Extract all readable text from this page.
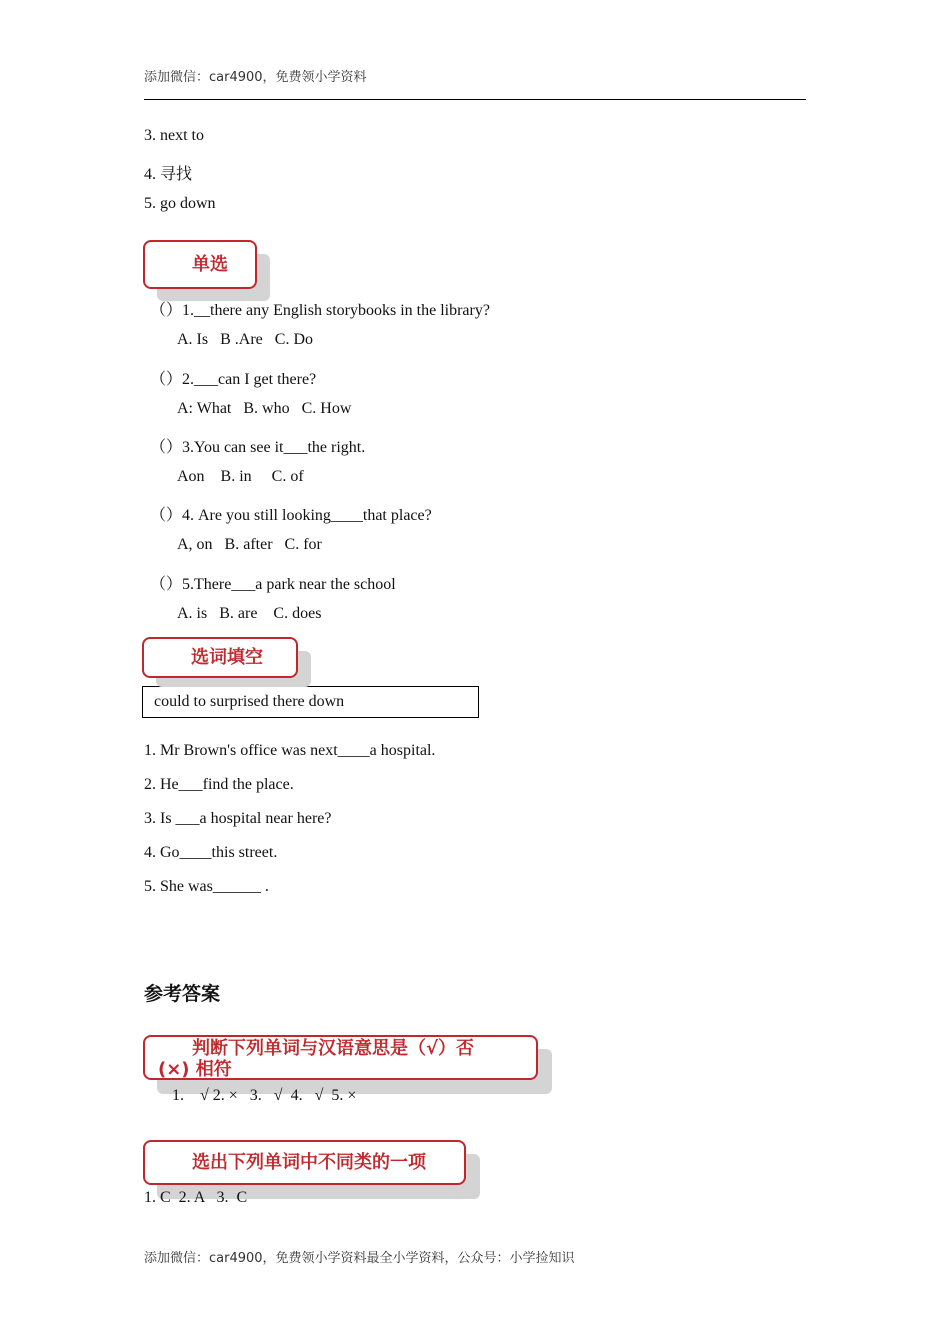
添加微信：car4900，免费领小学资料
3. next to
4. 寻找
5. go down
单选
（）1.__there any English storybooks in the library?
A. Is   B .Are   C. Do
（）2.___can I get there?
A: What   B. who   C. How
（）3.You can see it___the right.
Aon    B. in     C. of
（）4. Are you still looking____that place?
A, on   B. after   C. for
（）5.There___a park near the school
A. is   B. are    C. does
选词填空
could to surprised there down
1. Mr Brown's office was next____a hospital.
2. He___find the place.
3. Is ___a hospital near here?
4. Go____this street.
5. She was______ .
参考答案
判断下列单词与汉语意思是（√）否
(×) 相符
1.    √ 2. ×   3.   √  4.   √  5. ×
选出下列单词中不同类的一项
1. C  2. A   3.  C
添加微信：car4900，免费领小学资料最全小学资料，公众号：小学捡知识
